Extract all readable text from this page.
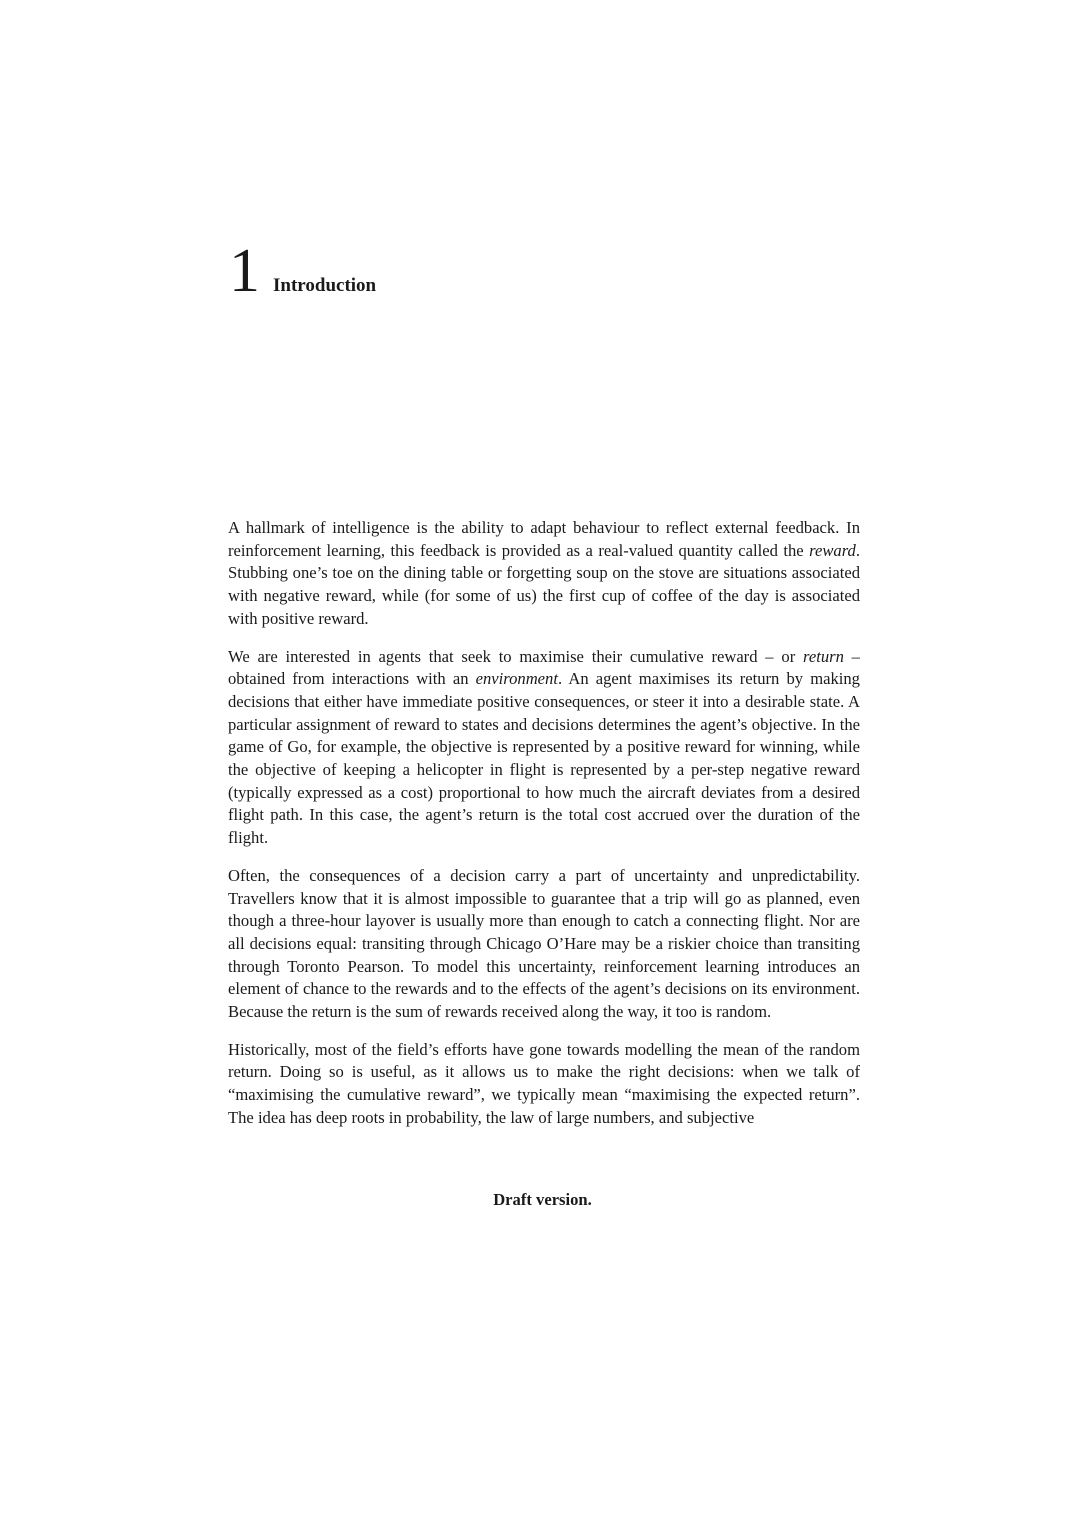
1 Introduction

A hallmark of intelligence is the ability to adapt behaviour to reflect external feedback. In reinforcement learning, this feedback is provided as a real-valued quantity called the reward. Stubbing one’s toe on the dining table or forgetting soup on the stove are situations associated with negative reward, while (for some of us) the first cup of coffee of the day is associated with positive reward.

We are interested in agents that seek to maximise their cumulative reward – or return – obtained from interactions with an environment. An agent maximises its return by making decisions that either have immediate positive consequences, or steer it into a desirable state. A particular assignment of reward to states and decisions determines the agent’s objective. In the game of Go, for example, the objective is represented by a positive reward for winning, while the objective of keeping a helicopter in flight is represented by a per-step negative reward (typically expressed as a cost) proportional to how much the aircraft deviates from a desired flight path. In this case, the agent’s return is the total cost accrued over the duration of the flight.

Often, the consequences of a decision carry a part of uncertainty and unpredictability. Travellers know that it is almost impossible to guarantee that a trip will go as planned, even though a three-hour layover is usually more than enough to catch a connecting flight. Nor are all decisions equal: transiting through Chicago O’Hare may be a riskier choice than transiting through Toronto Pearson. To model this uncertainty, reinforcement learning introduces an element of chance to the rewards and to the effects of the agent’s decisions on its environment. Because the return is the sum of rewards received along the way, it too is random.

Historically, most of the field’s efforts have gone towards modelling the mean of the random return. Doing so is useful, as it allows us to make the right decisions: when we talk of “maximising the cumulative reward”, we typically mean “maximising the expected return”. The idea has deep roots in probability, the law of large numbers, and subjective

Draft version.
